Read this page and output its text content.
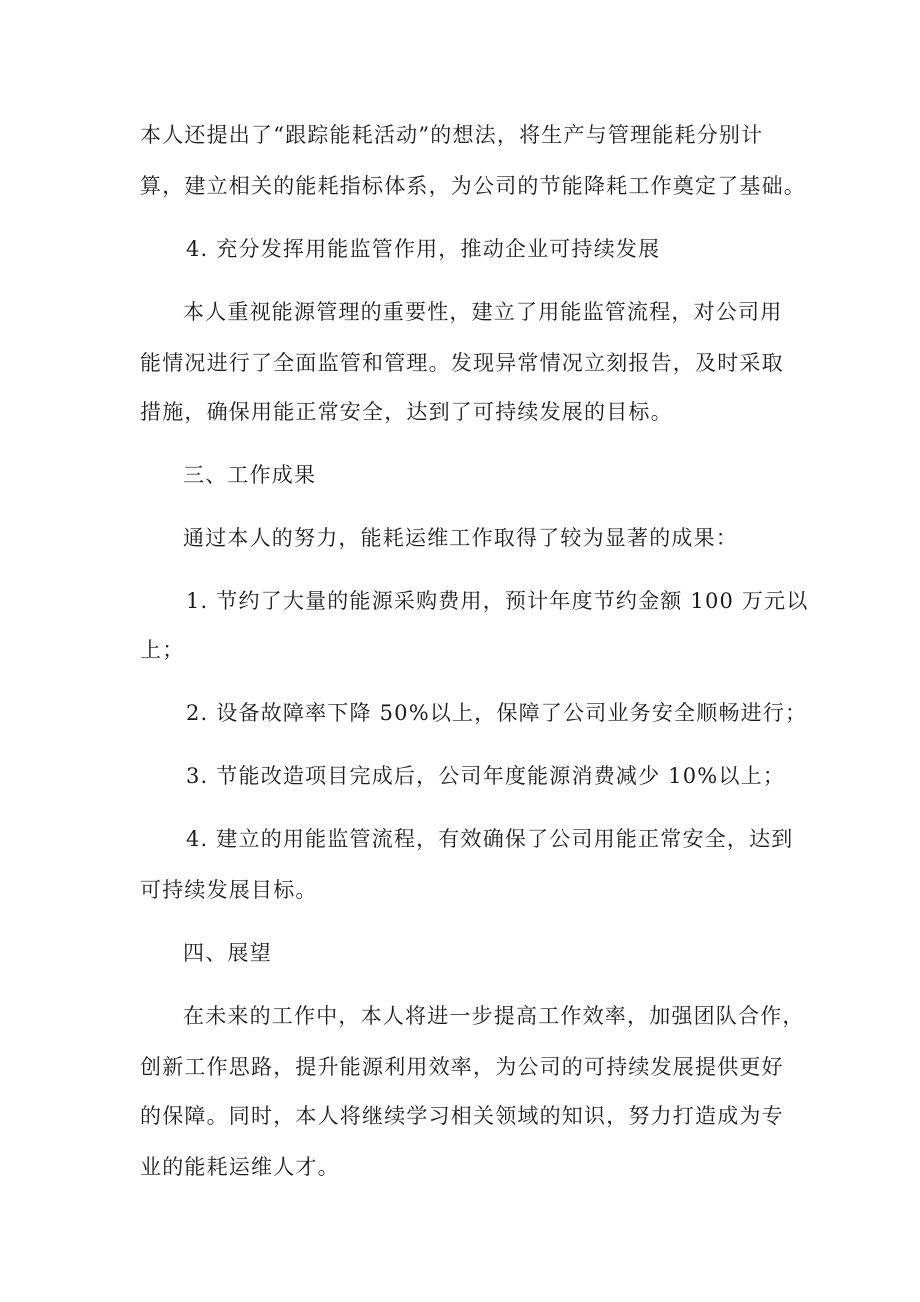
本人还提出了“跟踪能耗活动”的想法，将生产与管理能耗分别计
算，建立相关的能耗指标体系，为公司的节能降耗工作奠定了基础。
4. 充分发挥用能监管作用，推动企业可持续发展
本人重视能源管理的重要性，建立了用能监管流程，对公司用
能情况进行了全面监管和管理。发现异常情况立刻报告，及时采取
措施，确保用能正常安全，达到了可持续发展的目标。
三、工作成果
通过本人的努力，能耗运维工作取得了较为显著的成果：
1. 节约了大量的能源采购费用，预计年度节约金额 100 万元以
上；
2. 设备故障率下降 50%以上，保障了公司业务安全顺畅进行；
3. 节能改造项目完成后，公司年度能源消费减少 10%以上；
4. 建立的用能监管流程，有效确保了公司用能正常安全，达到
可持续发展目标。
四、展望
在未来的工作中，本人将进一步提高工作效率，加强团队合作，
创新工作思路，提升能源利用效率，为公司的可持续发展提供更好
的保障。同时，本人将继续学习相关领域的知识，努力打造成为专
业的能耗运维人才。
